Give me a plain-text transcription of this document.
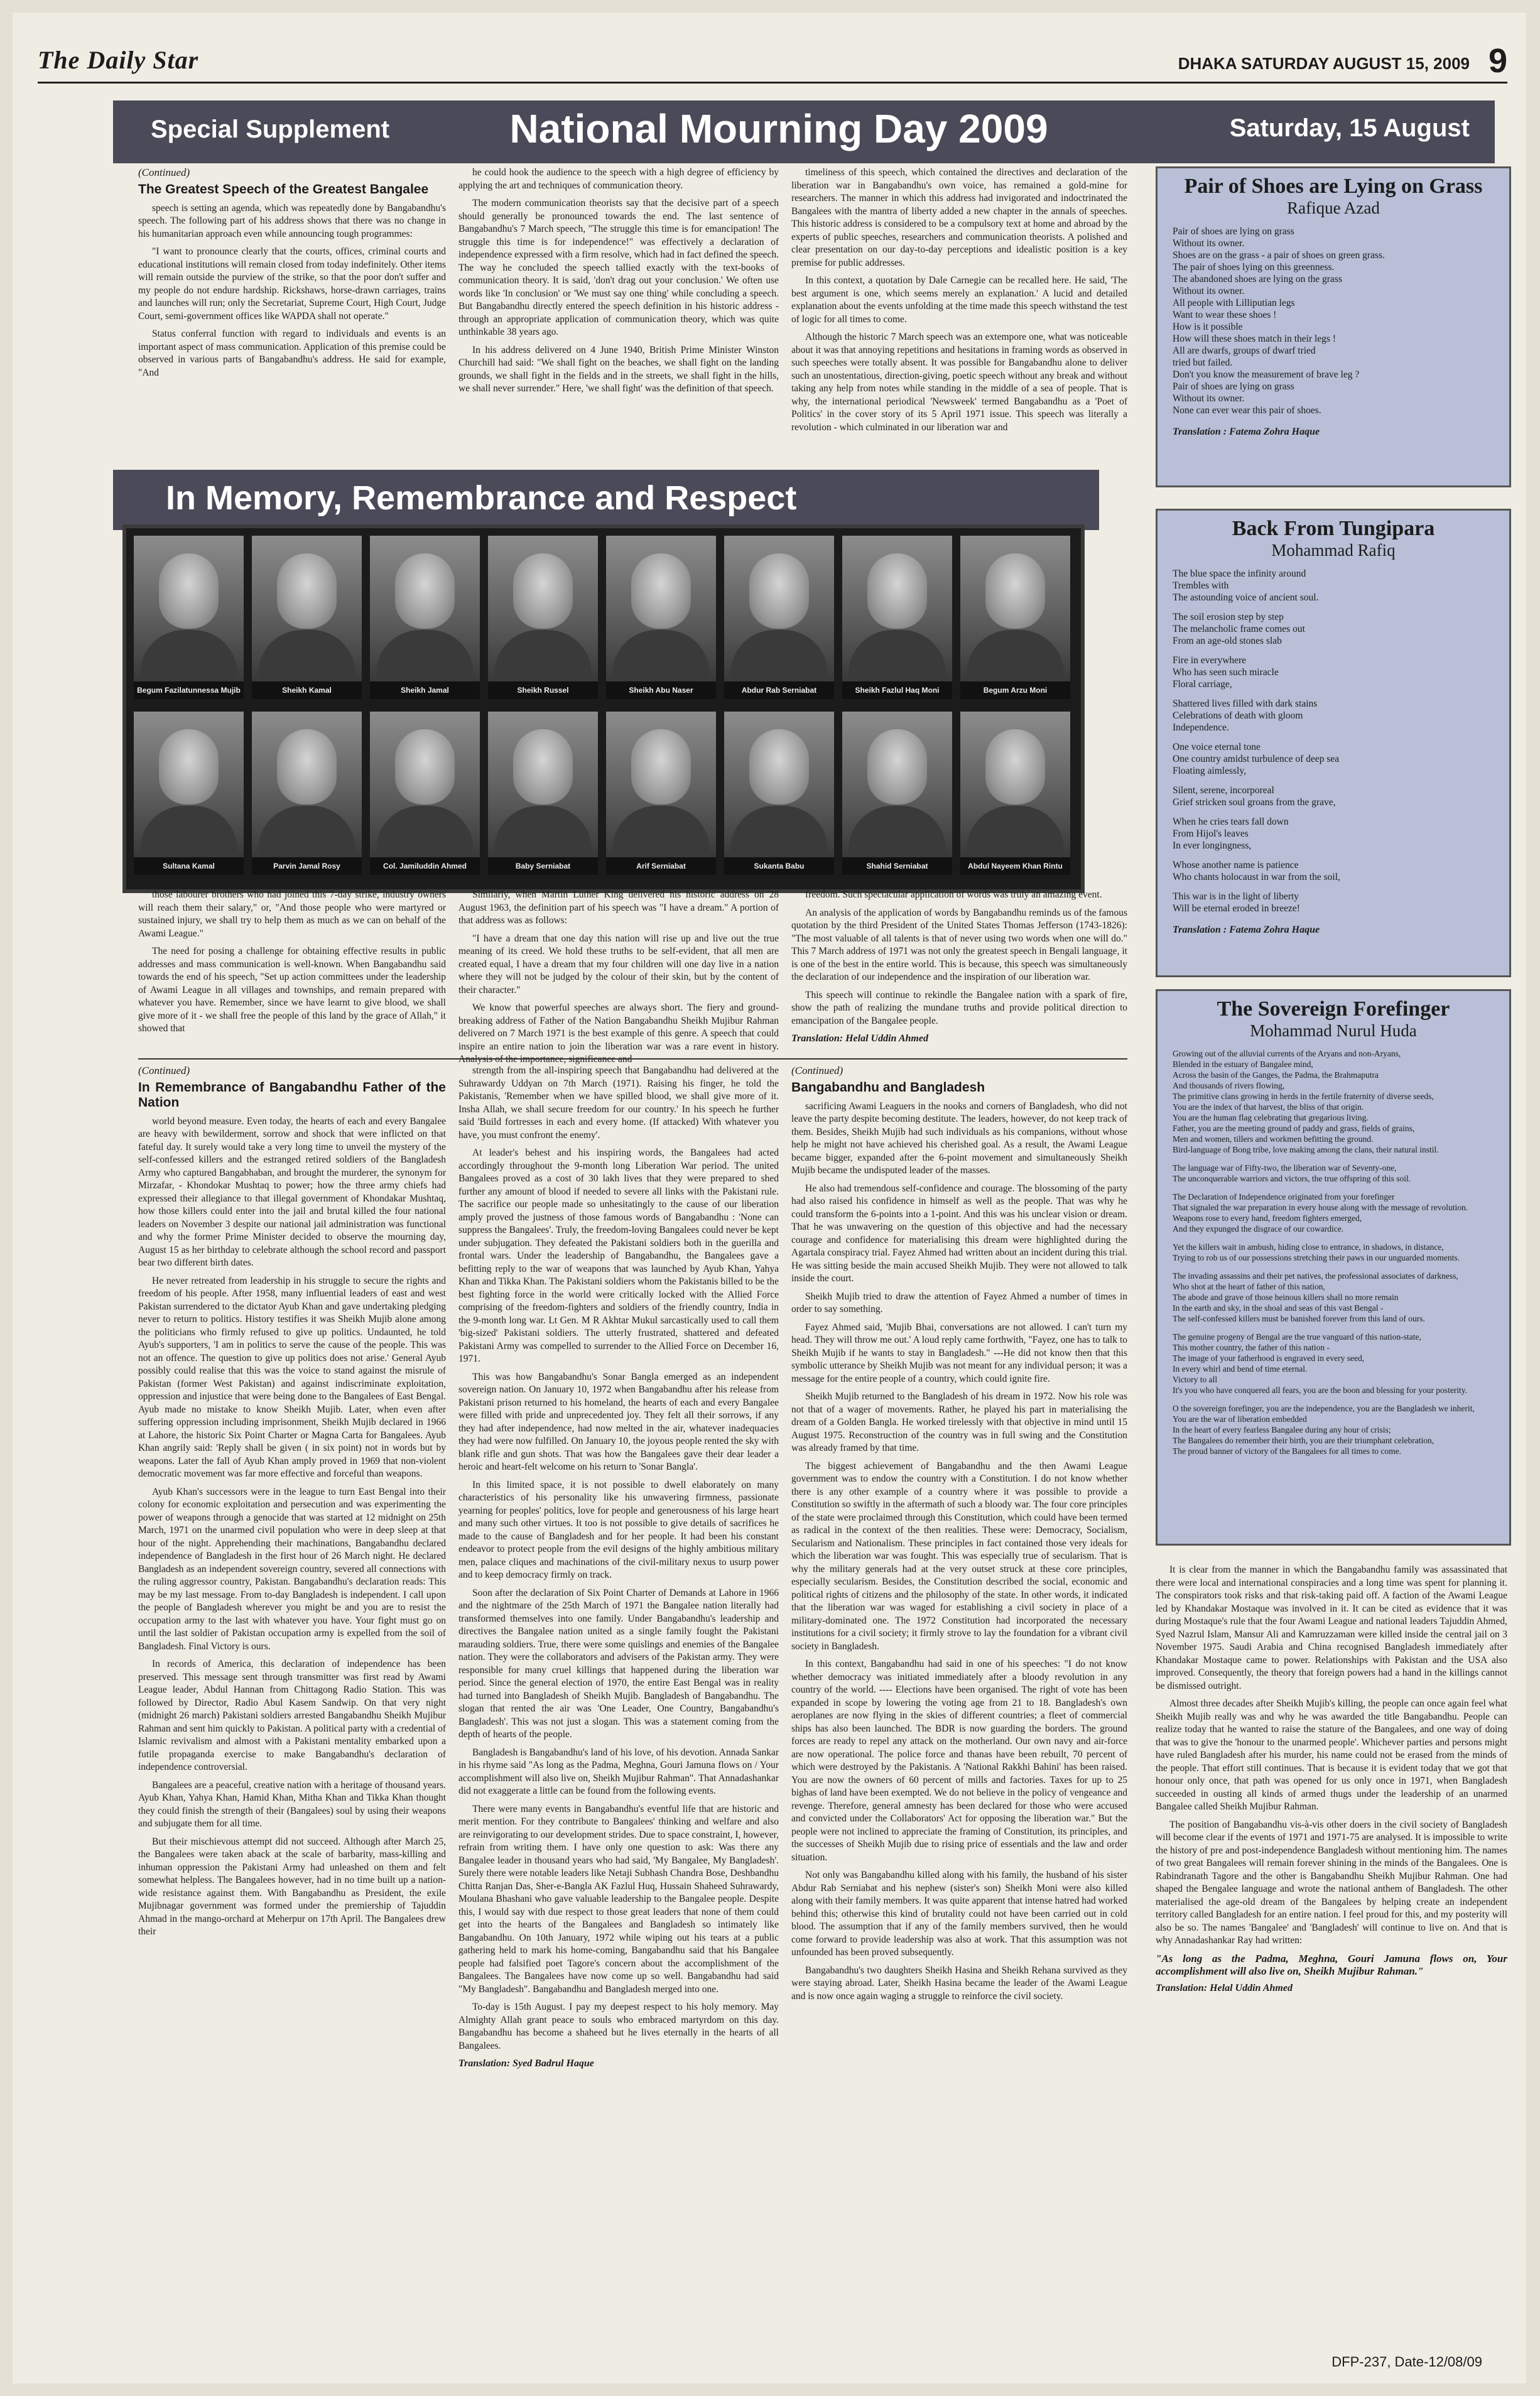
The Daily Star	DHAKA SATURDAY AUGUST 15, 2009 9
Special Supplement	National Mourning Day 2009	Saturday, 15 August
(Continued)
The Greatest Speech of the Greatest Bangalee

speech is setting an agenda, which was repeatedly done by Bangabandhu's speech. The following part of his address shows that there was no change in his humanitarian approach even while announcing tough programmes:

"I want to pronounce clearly that the courts, offices, criminal courts and educational institutions will remain closed from today indefinitely. Other items will remain outside the purview of the strike, so that the poor don't suffer and my people do not endure hardship. Rickshaws, horse-drawn carriages, trains and launches will run; only the Secretariat, Supreme Court, High Court, Judge Court, semi-government offices like WAPDA shall not operate."

Status conferral function with regard to individuals and events is an important aspect of mass communication. Application of this premise could be observed in various parts of Bangabandhu's address. He said for example, "And

he could hook the audience to the speech with a high degree of efficiency by applying the art and techniques of communication theory.

The modern communication theorists say that the decisive part of a speech should generally be pronounced towards the end. The last sentence of Bangabandhu's 7 March speech, "The struggle this time is for emancipation! The struggle this time is for independence!" was effectively a declaration of independence expressed with a firm resolve, which had in fact defined the speech. The way he concluded the speech tallied exactly with the text-books of communication theory. It is said, 'don't drag out your conclusion.' We often use words like 'In conclusion' or 'We must say one thing' while concluding a speech. But Bangabandhu directly entered the speech definition in his historic address - through an appropriate application of communication theory, which was quite unthinkable 38 years ago.

In his address delivered on 4 June 1940, British Prime Minister Winston Churchill had said: "We shall fight on the beaches, we shall fight on the landing grounds, we shall fight in the fields and in the streets, we shall fight in the hills, we shall never surrender." Here, 'we shall fight' was the definition of that speech.

timeliness of this speech, which contained the directives and declaration of the liberation war in Bangabandhu's own voice, has remained a gold-mine for researchers. The manner in which this address had invigorated and indoctrinated the Bangalees with the mantra of liberty added a new chapter in the annals of speeches. This historic address is considered to be a compulsory text at home and abroad by the experts of public speeches, researchers and communication theorists. A polished and clear presentation on our day-to-day perceptions and idealistic position is a key premise for public addresses.

In this context, a quotation by Dale Carnegie can be recalled here. He said, 'The best argument is one, which seems merely an explanation.' A lucid and detailed explanation about the events unfolding at the time made this speech withstand the test of logic for all times to come.

Although the historic 7 March speech was an extempore one, what was noticeable about it was that annoying repetitions and hesitations in framing words as observed in such speeches were totally absent. It was possible for Bangabandhu alone to deliver such an unostentatious, direction-giving, poetic speech without any break and without taking any help from notes while standing in the middle of a sea of people. That is why, the international periodical 'Newsweek' termed Bangabandhu as a 'Poet of Politics' in the cover story of its 5 April 1971 issue. This speech was literally a revolution - which culminated in our liberation war and

In Memory, Remembrance and Respect
Begum Fazilatunnessa Mujib	Sheikh Kamal	Sheikh Jamal	Sheikh Russel	Sheikh Abu Naser	Abdur Rab Serniabat	Sheikh Fazlul Haq Moni	Begum Arzu Moni
Sultana Kamal	Parvin Jamal Rosy	Col. Jamiluddin Ahmed	Baby Serniabat	Arif Serniabat	Sukanta Babu	Shahid Serniabat	Abdul Nayeem Khan Rintu

those labourer brothers who had joined this 7-day strike, industry owners will reach them their salary," or, "And those people who were martyred or sustained injury, we shall try to help them as much as we can on behalf of the Awami League."

The need for posing a challenge for obtaining effective results in public addresses and mass communication is well-known. When Bangabandhu said towards the end of his speech, "Set up action committees under the leadership of Awami League in all villages and townships, and remain prepared with whatever you have. Remember, since we have learnt to give blood, we shall give more of it - we shall free the people of this land by the grace of Allah," it showed that

Similarly, when Martin Luther King delivered his historic address on 28 August 1963, the definition part of his speech was "I have a dream." A portion of that address was as follows:

"I have a dream that one day this nation will rise up and live out the true meaning of its creed. We hold these truths to be self-evident, that all men are created equal, I have a dream that my four children will one day live in a nation where they will not be judged by the colour of their skin, but by the content of their character."

We know that powerful speeches are always short. The fiery and ground-breaking address of Father of the Nation Bangabandhu Sheikh Mujibur Rahman delivered on 7 March 1971 is the best example of this genre. A speech that could inspire an entire nation to join the liberation war was a rare event in history.

freedom. Such spectacular application of words was truly an amazing event.

An analysis of the application of words by Bangabandhu reminds us of the famous quotation by the third President of the United States Thomas Jefferson (1743-1826): "The most valuable of all talents is that of never using two words when one will do." This 7 March address of 1971 was not only the greatest speech in Bengali language, it is one of the best in the entire world. This is because, this speech was simultaneously the declaration of our independence and the inspiration of our liberation war.

This speech will continue to rekindle the Bangalee nation with a spark of fire, show the path of realizing the mundane truths and provide political direction to emancipation of the Bangalee people.

Translation: Helal Uddin Ahmed
(Continued)
In Remembrance of Bangabandhu Father of the Nation

world beyond measure. Even today, the hearts of each and every Bangalee are heavy with bewilderment, sorrow and shock that were inflicted on that fateful day. It surely would take a very long time to unveil the mystery of the self-confessed killers and the estranged retired soldiers of the Bangladesh Army who captured Bangabhaban, and brought the murderer, the synonym for Mirzafar, - Khondokar Mushtaq to power; how the three army chiefs had expressed their allegiance to that illegal government of Khondakar Mushtaq, how those killers could enter into the jail and brutal killed the four national leaders on November 3 despite our national jail administration was functional and why the former Prime Minister decided to observe the mourning day, August 15 as her birthday to celebrate although the school record and passport bear two different birth dates.

He never retreated from leadership in his struggle to secure the rights and freedom of his people. After 1958, many influential leaders of east and west Pakistan surrendered to the dictator Ayub Khan and gave undertaking pledging never to return to politics. History testifies it was Sheikh Mujib alone among the politicians who firmly refused to give up politics. Undaunted, he told Ayub's supporters, 'I am in politics to serve the cause of the people. This was not an offence. The question to give up politics does not arise.' General Ayub possibly could realise that this was the voice to stand against the misrule of Pakistan (former West Pakistan) and against indiscriminate exploitation, oppression and injustice that were being done to the Bangalees of East Bengal. Ayub made no mistake to know Sheikh Mujib. Later, when even after suffering oppression including imprisonment, Sheikh Mujib declared in 1966 at Lahore, the historic Six Point Charter or Magna Carta for Bangalees. Ayub Khan angrily said: 'Reply shall be given ( in six point) not in words but by weapons. Later the fall of Ayub Khan amply proved in 1969 that non-violent democratic movement was far more effective and forceful than weapons.

Ayub Khan's successors were in the league to turn East Bengal into their colony for economic exploitation and persecution and was experimenting the power of weapons through a genocide that was started at 12 midnight on 25th March, 1971 on the unarmed civil population who were in deep sleep at that hour of the night. Apprehending their machinations, Bangabandhu declared independence of Bangladesh in the first hour of 26 March night. He declared Bangladesh as an independent sovereign country, severed all connections with the ruling aggressor country, Pakistan. Bangabandhu's declaration reads: This may be my last message. From to-day Bangladesh is independent. I call upon the people of Bangladesh wherever you might be and you are to resist the occupation army to the last with whatever you have. Your fight must go on until the last soldier of Pakistan occupation army is expelled from the soil of Bangladesh. Final Victory is ours.

In records of America, this declaration of independence has been preserved. This message sent through transmitter was first read by Awami League leader, Abdul Hannan from Chittagong Radio Station. This was followed by Director, Radio Abul Kasem Sandwip. On that very night (midnight 26 march) Pakistani soldiers arrested Bangabandhu Sheikh Mujibur Rahman and sent him quickly to Pakistan. A political party with a credential of Islamic revivalism and almost with a Pakistani mentality embarked upon a futile propaganda exercise to make Bangabandhu's declaration of independence controversial.

Bangalees are a peaceful, creative nation with a heritage of thousand years. Ayub Khan, Yahya Khan, Hamid Khan, Mitha Khan and Tikka Khan thought they could finish the strength of their (Bangalees) soul by using their weapons and subjugate them for all time.

But their mischievous attempt did not succeed. Although after March 25, the Bangalees were taken aback at the scale of barbarity, mass-killing and inhuman oppression the Pakistani Army had unleashed on them and felt somewhat helpless. The Bangalees however, had in no time built up a nation-wide resistance against them. With Bangabandhu as President, the exile Mujibnagar government was formed under the premiership of Tajuddin Ahmad in the mango-orchard at Meherpur on 17th April. The Bangalees drew their

strength from the all-inspiring speech that Bangabandhu had delivered at the Suhrawardy Uddyan on 7th March (1971). Raising his finger, he told the Pakistanis, 'Remember when we have spilled blood, we shall give more of it. Insha Allah, we shall secure freedom for our country.' In his speech he further said 'Build fortresses in each and every home. (If attacked) With whatever you have, you must confront the enemy'.

At leader's behest and his inspiring words, the Bangalees had acted accordingly throughout the 9-month long Liberation War period. The united Bangalees proved as a cost of 30 lakh lives that they were prepared to shed further any amount of blood if needed to severe all links with the Pakistani rule. The sacrifice our people made so unhesitatingly to the cause of our liberation amply proved the justness of those famous words of Bangabandhu : 'None can suppress the Bangalees'. Truly, the freedom-loving Bangalees could never be kept under subjugation. They defeated the Pakistani soldiers both in the guerilla and frontal wars. Under the leadership of Bangabandhu, the Bangalees gave a befitting reply to the war of weapons that was launched by Ayub Khan, Yahya Khan and Tikka Khan. The Pakistani soldiers whom the Pakistanis billed to be the best fighting force in the world were critically locked with the Allied Force comprising of the freedom-fighters and soldiers of the friendly country, India in the 9-month long war. Lt Gen. M R Akhtar Mukul sarcastically used to call them 'big-sized' Pakistani soldiers. The utterly frustrated, shattered and defeated Pakistani Army was compelled to surrender to the Allied Force on December 16, 1971.

This was how Bangabandhu's Sonar Bangla emerged as an independent sovereign nation. On January 10, 1972 when Bangabandhu after his release from Pakistani prison returned to his homeland, the hearts of each and every Bangalee were filled with pride and unprecedented joy. They felt all their sorrows, if any they had after independence, had now melted in the air, whatever inadequacies they had were now fulfilled. On January 10, the joyous people rented the sky with blank rifle and gun shots. That was how the Bangalees gave their dear leader a heroic and heart-felt welcome on his return to 'Sonar Bangla'.

In this limited space, it is not possible to dwell elaborately on many characteristics of his personality like his unwavering firmness, passionate yearning for peoples' politics, love for people and generousness of his large heart and many such other virtues. It too is not possible to give details of sacrifices he made to the cause of Bangladesh and for her people. It had been his constant endeavor to protect people from the evil designs of the highly ambitious military men, palace cliques and machinations of the civil-military nexus to usurp power and to keep democracy firmly on track.

Soon after the declaration of Six Point Charter of Demands at Lahore in 1966 and the nightmare of the 25th March of 1971 the Bangalee nation literally had transformed themselves into one family. Under Bangabandhu's leadership and directives the Bangalee nation united as a single family fought the Pakistani marauding soldiers. True, there were some quislings and enemies of the Bangalee nation. They were the collaborators and advisers of the Pakistan army. They were responsible for many cruel killings that happened during the liberation war period. Since the general election of 1970, the entire East Bengal was in reality had turned into Bangladesh of Sheikh Mujib. Bangladesh of Bangabandhu. The slogan that rented the air was 'One Leader, One Country, Bangabandhu's Bangladesh'. This was not just a slogan. This was a statement coming from the depth of hearts of the people.

Bangladesh is Bangabandhu's land of his love, of his devotion. Annada Sankar in his rhyme said "As long as the Padma, Meghna, Gouri Jamuna flows on / Your accomplishment will also live on, Sheikh Mujibur Rahman". That Annadashankar did not exaggerate a little can be found from the following events.

There were many events in Bangabandhu's eventful life that are historic and merit mention. For they contribute to Bangalees' thinking and welfare and also are reinvigorating to our development strides. Due to space constraint, I, however, refrain from writing them. I have only one question to ask: Was there any Bangalee leader in thousand years who had said, 'My Bangalee, My Bangladesh'. Surely there were notable leaders like Netaji Subhash Chandra Bose, Deshbandhu Chitta Ranjan Das, Sher-e-Bangla AK Fazlul Huq, Hussain Shaheed Suhrawardy, Moulana Bhashani who gave valuable leadership to the Bangalee people. Despite this, I would say with due respect to those great leaders that none of them could get into the hearts of the Bangalees and Bangladesh so intimately like Bangabandhu. On 10th January, 1972 while wiping out his tears at a public gathering held to mark his home-coming, Bangabandhu said that his Bangalee people had falsified poet Tagore's concern about the accomplishment of the Bangalees. The Bangalees have now come up so well. Bangabandhu had said "My Bangladesh". Bangabandhu and Bangladesh merged into one.

To-day is 15th August. I pay my deepest respect to his holy memory. May Almighty Allah grant peace to souls who embraced martyrdom on this day. Bangabandhu has become a shaheed but he lives eternally in the hearts of all Bangalees.

Translation: Syed Badrul Haque
(Continued)
Bangabandhu and Bangladesh

sacrificing Awami Leaguers in the nooks and corners of Bangladesh, who did not leave the party despite becoming destitute. The leaders, however, do not keep track of them. Besides, Sheikh Mujib had such individuals as his companions, without whose help he might not have achieved his cherished goal. As a result, the Awami League became bigger, expanded after the 6-point movement and simultaneously Sheikh Mujib became the undisputed leader of the masses.

He also had tremendous self-confidence and courage. The blossoming of the party had also raised his confidence in himself as well as the people. That was why he could transform the 6-points into a 1-point. And this was his unclear vision or dream. That he was unwavering on the question of this objective and had the necessary courage and confidence for materialising this dream were highlighted during the Agartala conspiracy trial. Fayez Ahmed had written about an incident during this trial. He was sitting beside the main accused Sheikh Mujib. They were not allowed to talk inside the court.

Sheikh Mujib tried to draw the attention of Fayez Ahmed a number of times in order to say something.

Fayez Ahmed said, 'Mujib Bhai, conversations are not allowed. I can't turn my head. They will throw me out.' A loud reply came forthwith, "Fayez, one has to talk to Sheikh Mujib if he wants to stay in Bangladesh." ---He did not know then that this symbolic utterance by Sheikh Mujib was not meant for any individual person; it was a message for the entire people of a country, which could ignite fire.

Sheikh Mujib returned to the Bangladesh of his dream in 1972. Now his role was not that of a wager of movements. Rather, he played his part in materialising the dream of a Golden Bangla. He worked tirelessly with that objective in mind until 15 August 1975. Reconstruction of the country was in full swing and the Constitution was already framed by that time.

The biggest achievement of Bangabandhu and the then Awami League government was to endow the country with a Constitution. I do not know whether there is any other example of a country where it was possible to provide a Constitution so swiftly in the aftermath of such a bloody war. The four core principles of the state were proclaimed through this Constitution, which could have been termed as radical in the context of the then realities. These were: Democracy, Socialism, Secularism and Nationalism. These principles in fact contained those very ideals for which the liberation war was fought. This was especially true of secularism. That is why the military generals had at the very outset struck at these core principles, especially secularism. Besides, the Constitution described the social, economic and political rights of citizens and the philosophy of the state. In other words, it indicated that the liberation war was waged for establishing a civil society in place of a military-dominated one. The 1972 Constitution had incorporated the necessary institutions for a civil society; it firmly strove to lay the foundation for a vibrant civil society in Bangladesh.

In this context, Bangabandhu had said in one of his speeches: "I do not know whether democracy was initiated immediately after a bloody revolution in any country of the world. ---- Elections have been organised. The right of vote has been expanded in scope by lowering the voting age from 21 to 18. Bangladesh's own aeroplanes are now flying in the skies of different countries; a fleet of commercial ships has also been launched. The BDR is now guarding the borders. The ground forces are ready to repel any attack on the motherland. Our own navy and air-force are now operational. The police force and thanas have been rebuilt, 70 percent of which were destroyed by the Pakistanis. A 'National Rakkhi Bahini' has been raised. You are now the owners of 60 percent of mills and factories. Taxes for up to 25 bighas of land have been exempted. We do not believe in the policy of vengeance and revenge. Therefore, general amnesty has been declared for those who were accused and convicted under the Collaborators' Act for opposing the liberation war." But the people were not inclined to appreciate the framing of Constitution, its principles, and the successes of Sheikh Mujib due to rising price of essentials and the law and order situation.

Not only was Bangabandhu killed along with his family, the husband of his sister Abdur Rab Serniabat and his nephew (sister's son) Sheikh Moni were also killed along with their family members. It was quite apparent that intense hatred had worked behind this; otherwise this kind of brutality could not have been carried out in cold blood. The assumption that if any of the family members survived, then he would come forward to provide leadership was also at work. That this assumption was not unfounded has been proved subsequently.

Bangabandhu's two daughters Sheikh Hasina and Sheikh Rehana survived as they were staying abroad. Later, Sheikh Hasina became the leader of the Awami League and is now once again waging a struggle to reinforce the civil society.

It is clear from the manner in which the Bangabandhu family was assassinated that there were local and international conspiracies and a long time was spent for planning it. The conspirators took risks and that risk-taking paid off. A faction of the Awami League led by Khandakar Mostaque was involved in it. It can be cited as evidence that it was during Mostaque's rule that the four Awami League and national leaders Tajuddin Ahmed, Syed Nazrul Islam, Mansur Ali and Kamruzzaman were killed inside the central jail on 3 November 1975. Saudi Arabia and China recognised Bangladesh immediately after Khandakar Mostaque came to power. Relationships with Pakistan and the USA also improved. Consequently, the theory that foreign powers had a hand in the killings cannot be dismissed outright.

Almost three decades after Sheikh Mujib's killing, the people can once again feel what Sheikh Mujib really was and why he was awarded the title Bangabandhu. People can realize today that he wanted to raise the stature of the Bangalees, and one way of doing that was to give the 'honour to the unarmed people'. Whichever parties and persons might have ruled Bangladesh after his murder, his name could not be erased from the minds of the people. That effort still continues. That is because it is evident today that we got that honour only once, that path was opened for us only once in 1971, when Bangladesh succeeded in ousting all kinds of armed thugs under the leadership of an unarmed Bangalee called Sheikh Mujibur Rahman.

The position of Bangabandhu vis-à-vis other doers in the civil society of Bangladesh will become clear if the events of 1971 and 1971-75 are analysed. It is impossible to write the history of pre and post-independence Bangladesh without mentioning him. The names of two great Bangalees will remain forever shining in the minds of the Bangalees. One is Rabindranath Tagore and the other is Bangabandhu Sheikh Mujibur Rahman. One had shaped the Bengalee language and wrote the national anthem of Bangladesh. The other materialised the age-old dream of the Bangalees by helping create an independent territory called Bangladesh for an entire nation. I feel proud for this, and my posterity will also be so. The names 'Bangalee' and 'Bangladesh' will continue to live on. And that is why Annadashankar Ray had written:

"As long as the Padma, Meghna, Gouri Jamuna flows on, Your accomplishment will also live on, Sheikh Mujibur Rahman."
Translation: Helal Uddin Ahmed
Pair of Shoes are Lying on Grass
Rafique Azad
Pair of shoes are lying on grass
Without its owner.
Shoes are on the grass - a pair of shoes on green grass.
The pair of shoes lying on this greenness.
The abandoned shoes are lying on the grass
Without its owner.
All people with Lilliputian legs
Want to wear these shoes !
How is it possible
How will these shoes match in their legs !
All are dwarfs, groups of dwarf tried
tried but failed.
Don't you know the measurement of brave leg ?
Pair of shoes are lying on grass
Without its owner.
None can ever wear this pair of shoes.
Translation : Fatema Zohra Haque
Back From Tungipara
Mohammad Rafiq
The blue space the infinity around
Trembles with
The astounding voice of ancient soul.
The soil erosion step by step
The melancholic frame comes out
From an age-old stones slab
Fire in everywhere
Who has seen such miracle
Floral carriage,
Shattered lives filled with dark stains
Celebrations of death with gloom
Independence.
One voice eternal tone
One country amidst turbulence of deep sea
Floating aimlessly,
Silent, serene, incorporeal
Grief stricken soul groans from the grave,
When he cries tears fall down
From Hijol's leaves
In ever longingness,
Whose another name is patience
Who chants holocaust in war from the soil,
This war is in the light of liberty
Will be eternal eroded in breeze!
Translation : Fatema Zohra Haque
The Sovereign Forefinger
Mohammad Nurul Huda
Growing out of the alluvial currents of the Aryans and non-Aryans,
Blended in the estuary of Bangalee mind,
Across the basin of the Ganges, the Padma, the Brahmaputra
And thousands of rivers flowing,
The primitive clans growing in herds in the fertile fraternity of diverse seeds,
You are the index of that harvest, the bliss of that origin.
You are the human flag celebrating that gregarious living.
Father, you are the meeting ground of paddy and grass, fields of grains,
Men and women, tillers and workmen befitting the ground.
Bird-language of Bong tribe, love making among the clans, their natural instil.
The language war of Fifty-two, the liberation war of Seventy-one,
The unconquerable warriors and victors, the true offspring of this soil.
The Declaration of Independence originated from your forefinger
That signaled the war preparation in every house along with the message of revolution.
Weapons rose to every hand, freedom fighters emerged,
And they expunged the disgrace of our cowardice.
Yet the killers wait in ambush, hiding close to entrance, in shadows, in distance,
Trying to rob us of our possessions stretching their paws in our unguarded moments.
The invading assassins and their pet natives, the professional associates of darkness,
Who shot at the heart of father of this nation,
The abode and grave of those heinous killers shall no more remain
In the earth and sky, in the shoal and seas of this vast Bengal -
The self-confessed killers must be banished forever from this land of ours.
The genuine progeny of Bengal are the true vanguard of this nation-state,
This mother country, the father of this nation -
The image of your fatherhood is engraved in every seed,
In every whirl and bend of time eternal.
Victory to all
It's you who have conquered all fears, you are the boon and blessing for your posterity.
O the sovereign forefinger, you are the independence, you are the Bangladesh we inherit,
You are the war of liberation embedded
In the heart of every fearless Bangalee during any hour of crisis;
The Bangalees do remember their birth, you are their triumphant celebration,
The proud banner of victory of the Bangalees for all times to come.
DFP-237, Date-12/08/09
